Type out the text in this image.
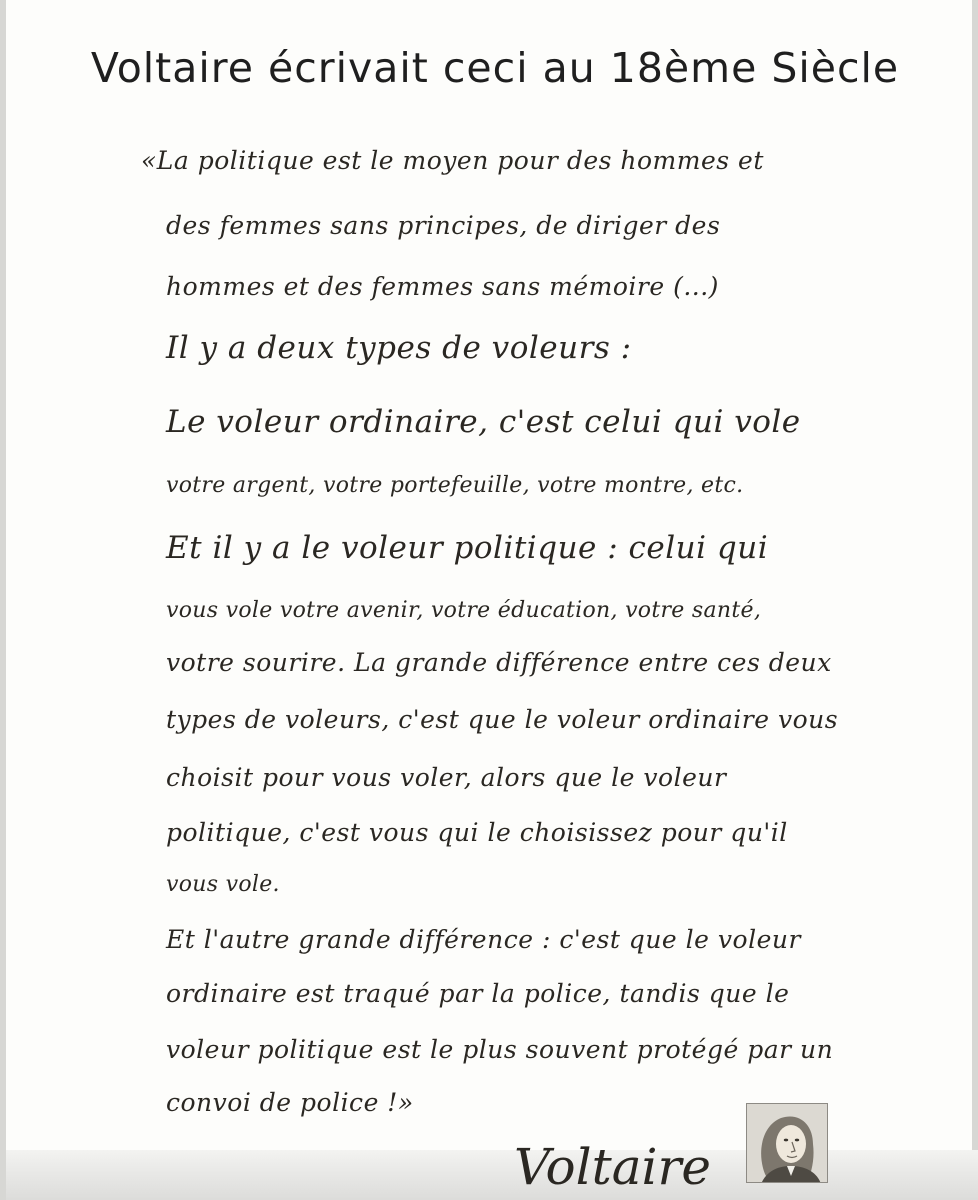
Voltaire écrivait ceci au 18ème Siècle
«La politique est le moyen pour des hommes et
des femmes sans principes, de diriger des
hommes et des femmes sans mémoire (...)
Il y a deux types de voleurs :
Le voleur ordinaire, c'est celui qui vole
votre argent, votre portefeuille, votre montre, etc.
Et il y a le voleur politique : celui qui
vous vole votre avenir, votre éducation, votre santé,
votre sourire. La grande différence entre ces deux
types de voleurs, c'est que le voleur ordinaire vous
choisit pour vous voler, alors que le voleur
politique, c'est vous qui le choisissez pour qu'il
vous vole.
Et l'autre grande différence : c'est que le voleur
ordinaire est traqué par la police, tandis que le
voleur politique est le plus souvent protégé par un
convoi de police !»
Voltaire
